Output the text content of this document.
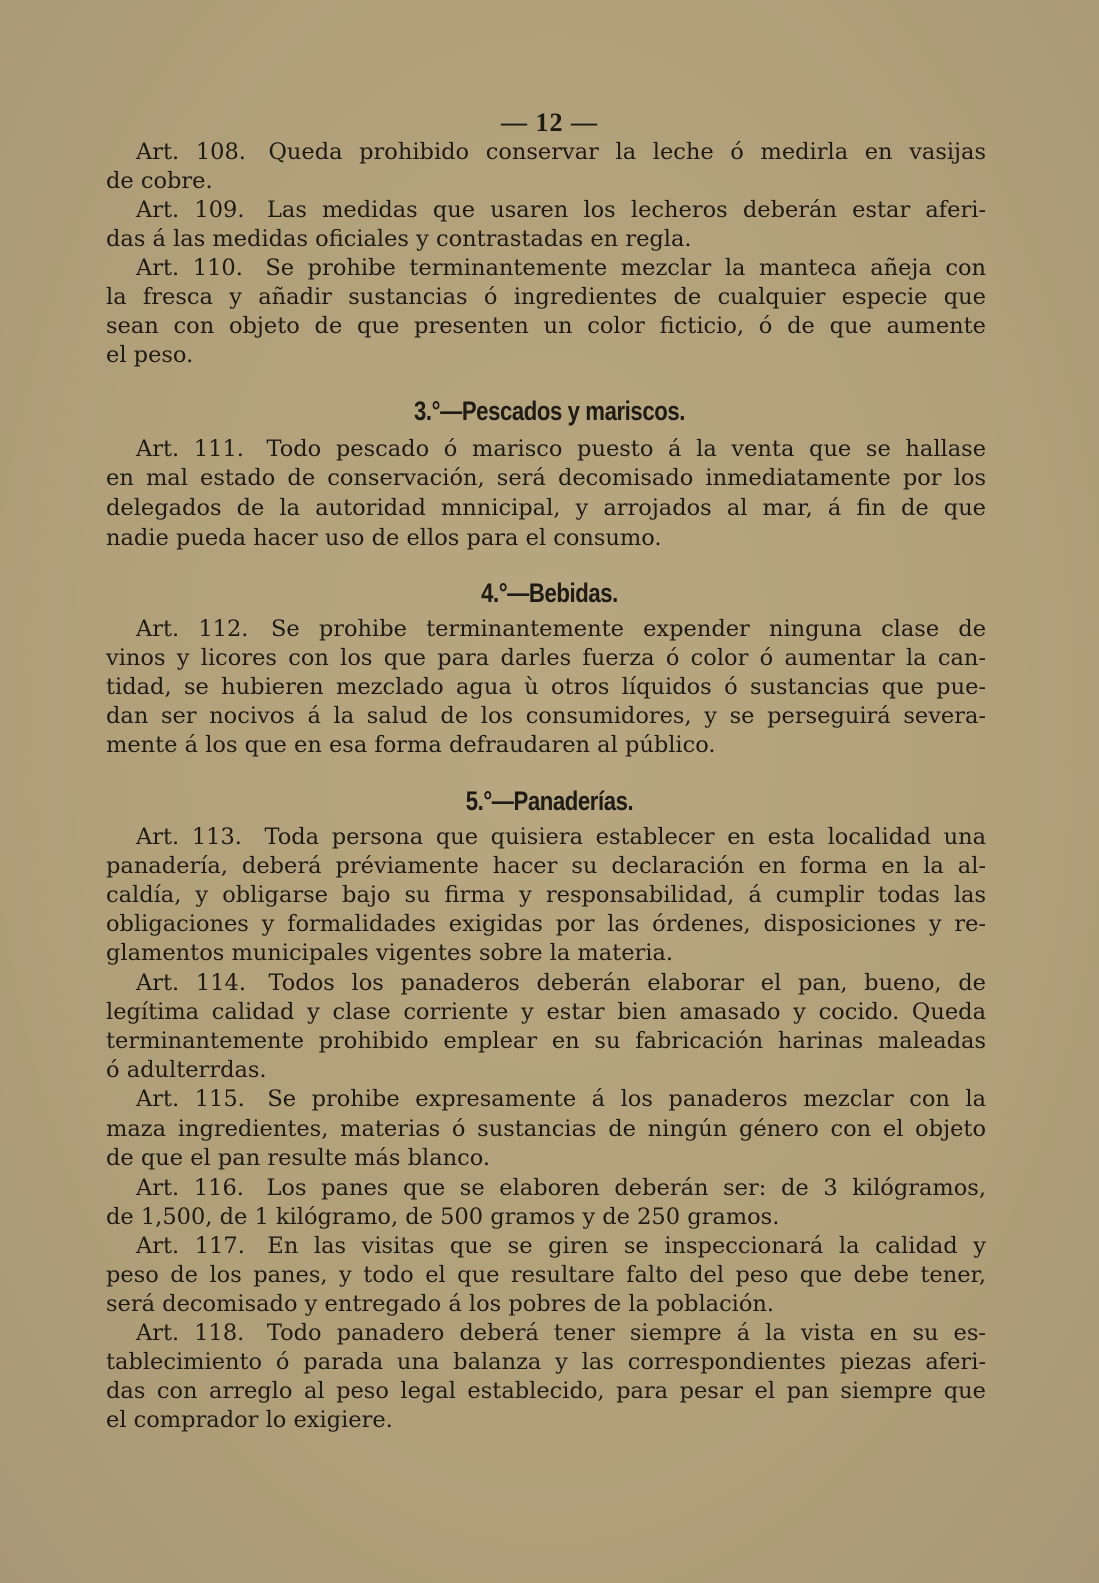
— 12 —
Art. 108.  Queda prohibido conservar la leche ó medirla en vasijas
de cobre.
Art. 109.  Las medidas que usaren los lecheros deberán estar aferi-
das á las medidas oficiales y contrastadas en regla.
Art. 110.  Se prohibe terminantemente mezclar la manteca añeja con
la fresca y añadir sustancias ó ingredientes de cualquier especie que
sean con objeto de que presenten un color ficticio, ó de que aumente
el peso.
3.°—Pescados y mariscos.
Art. 111.  Todo pescado ó marisco puesto á la venta que se hallase
en mal estado de conservación, será decomisado inmediatamente por los
delegados de la autoridad mnnicipal, y arrojados al mar, á fin de que
nadie pueda hacer uso de ellos para el consumo.
4.°—Bebidas.
Art. 112.  Se prohibe terminantemente expender ninguna clase de
vinos y licores con los que para darles fuerza ó color ó aumentar la can-
tidad, se hubieren mezclado agua ù otros líquidos ó sustancias que pue-
dan ser nocivos á la salud de los consumidores, y se perseguirá severa-
mente á los que en esa forma defraudaren al público.
5.°—Panaderías.
Art. 113.  Toda persona que quisiera establecer en esta localidad una
panadería, deberá préviamente hacer su declaración en forma en la al-
caldía, y obligarse bajo su firma y responsabilidad, á cumplir todas las
obligaciones y formalidades exigidas por las órdenes, disposiciones y re-
glamentos municipales vigentes sobre la materia.
Art. 114.  Todos los panaderos deberán elaborar el pan, bueno, de
legítima calidad y clase corriente y estar bien amasado y cocido. Queda
terminantemente prohibido emplear en su fabricación harinas maleadas
ó adulterrdas.
Art. 115.  Se prohibe expresamente á los panaderos mezclar con la
maza ingredientes, materias ó sustancias de ningún género con el objeto
de que el pan resulte más blanco.
Art. 116.  Los panes que se elaboren deberán ser: de 3 kilógramos,
de 1,500, de 1 kilógramo, de 500 gramos y de 250 gramos.
Art. 117.  En las visitas que se giren se inspeccionará la calidad y
peso de los panes, y todo el que resultare falto del peso que debe tener,
será decomisado y entregado á los pobres de la población.
Art. 118.  Todo panadero deberá tener siempre á la vista en su es-
tablecimiento ó parada una balanza y las correspondientes piezas aferi-
das con arreglo al peso legal establecido, para pesar el pan siempre que
el comprador lo exigiere.
